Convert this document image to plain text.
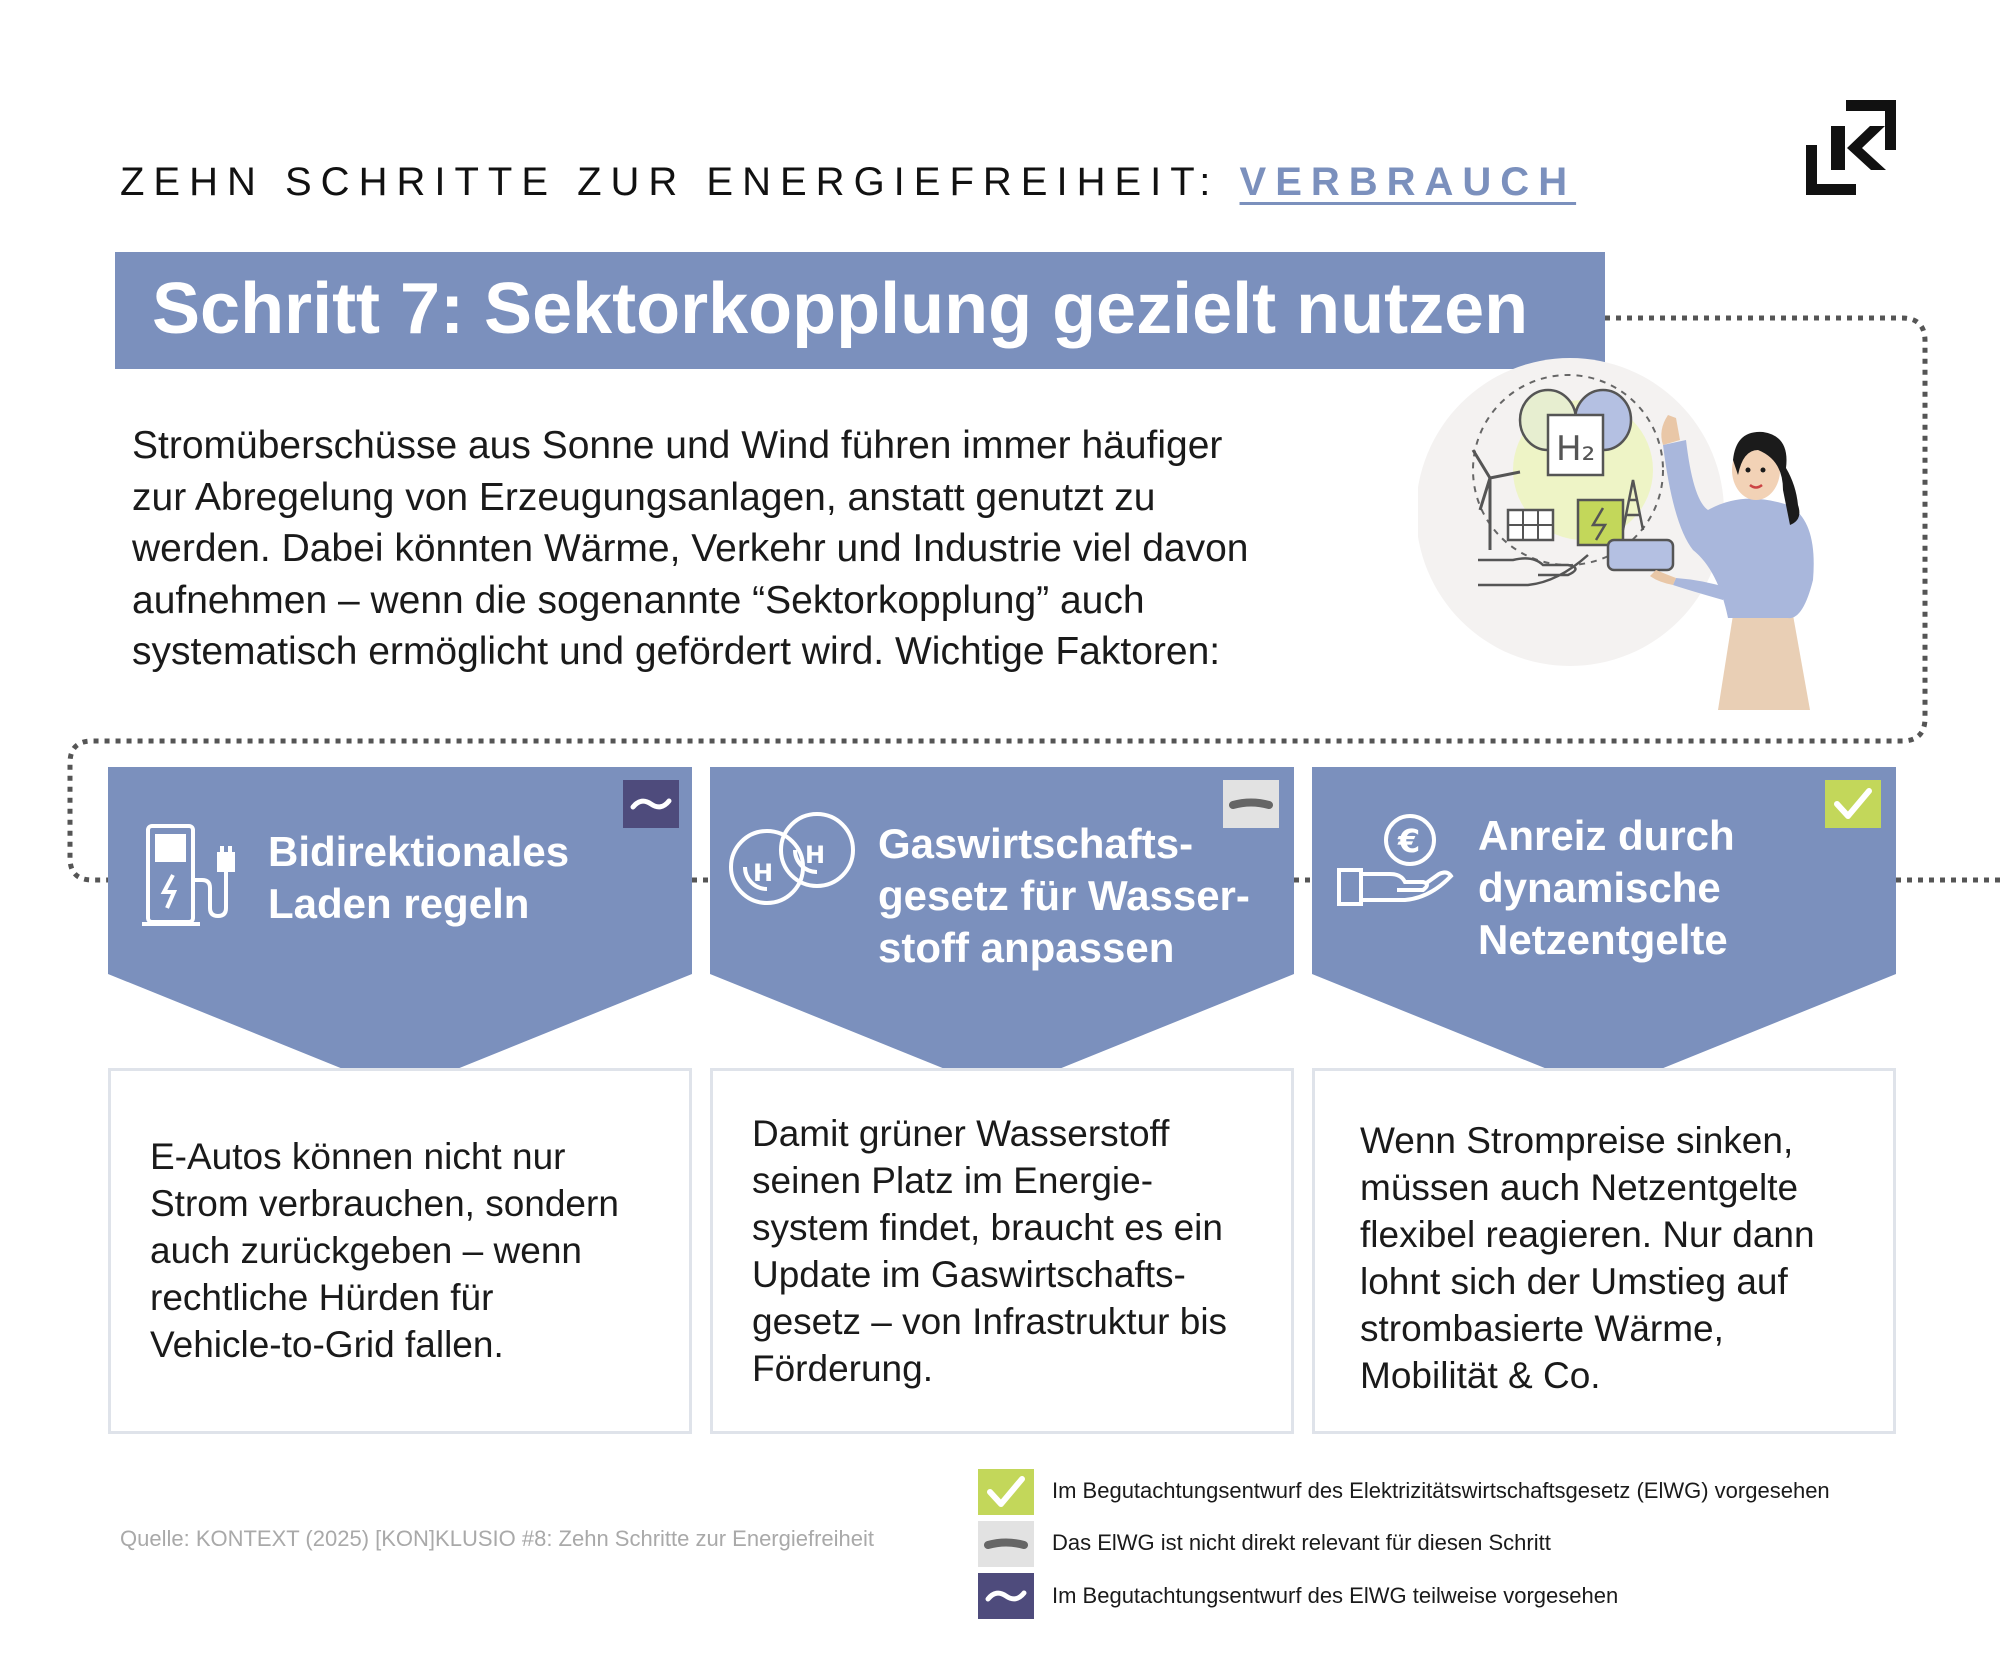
ZEHN SCHRITTE ZUR ENERGIEFREIHEIT: VERBRAUCH
Schritt 7: Sektorkopplung gezielt nutzen
Stromüberschüsse aus Sonne und Wind führen immer häufiger
zur Abregelung von Erzeugungsanlagen, anstatt genutzt zu
werden. Dabei könnten Wärme, Verkehr und Industrie viel davon
aufnehmen – wenn die sogenannte “Sektorkopplung” auch
systematisch ermöglicht und gefördert wird. Wichtige Faktoren:
H₂
Bidirektionales
Laden regeln
E-Autos können nicht nur
Strom verbrauchen, sondern
auch zurückgeben – wenn
rechtliche Hürden für
Vehicle-to-Grid fallen.
H
H Gaswirtschafts-
gesetz für Wasser-
stoff anpassen
Damit grüner Wasserstoff
seinen Platz im Energie-
system findet, braucht es ein
Update im Gaswirtschafts-
gesetz – von Infrastruktur bis
Förderung.
€ Anreiz durch
dynamische
Netzentgelte
Wenn Strompreise sinken,
müssen auch Netzentgelte
flexibel reagieren. Nur dann
lohnt sich der Umstieg auf
strombasierte Wärme,
Mobilität & Co.
Quelle: KONTEXT (2025) [KON]KLUSIO #8: Zehn Schritte zur Energiefreiheit
Im Begutachtungsentwurf des Elektrizitätswirtschaftsgesetz (ElWG) vorgesehen
Das ElWG ist nicht direkt relevant für diesen Schritt
Im Begutachtungsentwurf des ElWG teilweise vorgesehen
